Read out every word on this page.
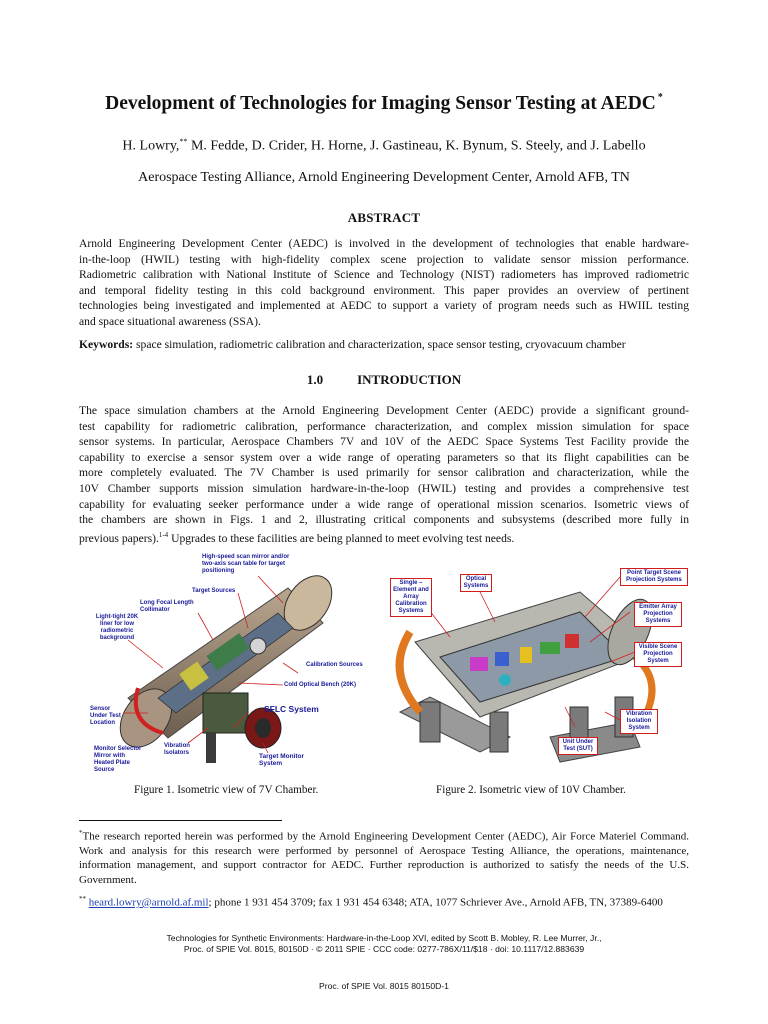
Development of Technologies for Imaging Sensor Testing at AEDC *
H. Lowry,** M. Fedde, D. Crider, H. Horne, J. Gastineau, K. Bynum, S. Steely, and J. Labello
Aerospace Testing Alliance, Arnold Engineering Development Center, Arnold AFB, TN
ABSTRACT
Arnold Engineering Development Center (AEDC) is involved in the development of technologies that enable hardware-
in-the-loop (HWIL) testing with high-fidelity complex scene projection to validate sensor mission performance.
Radiometric calibration with National Institute of Science and Technology (NIST) radiometers has improved radiometric
and temporal fidelity testing in this cold background environment. This paper provides an overview of pertinent
technologies being investigated and implemented at AEDC to support a variety of program needs such as HWIIL testing
and space situational awareness (SSA).
Keywords: space simulation, radiometric calibration and characterization, space sensor testing, cryovacuum chamber
1.0	INTRODUCTION
The space simulation chambers at the Arnold Engineering Development Center (AEDC) provide a significant ground-
test capability for radiometric calibration, performance characterization, and complex mission simulation for space
sensor systems. In particular, Aerospace Chambers 7V and 10V of the AEDC Space Systems Test Facility provide the
capability to exercise a sensor system over a wide range of operating parameters so that its flight capabilities can be
more completely evaluated. The 7V Chamber is used primarily for sensor calibration and characterization, while the
10V Chamber supports mission simulation hardware-in-the-loop (HWIL) testing and provides a comprehensive test
capability for evaluating seeker performance under a wide range of operational mission scenarios. Isometric views of
the chambers are shown in Figs. 1 and 2, illustrating critical components and subsystems (described more fully in
previous papers).$^{1-4}$ Upgrades to these facilities are being planned to meet evolving test needs.
High-speed scan mirror and/or two-axis scan table for target positioning
Target Sources
Long Focal Length Collimator
Light-tight 20K liner for low radiometric background
Calibration Sources
Cold Optical Bench (20K)
Sensor Under Test Location
SFLC System
Monitor Selector Mirror with Heated Plate Source
Vibration Isolators	Target Monitor System
Single – Element and Array Calibration Systems
Optical Systems
Point Target Scene Projection Systems
Emitter Array Projection Systems
Visible Scene Projection System
Vibration Isolation System
Unit Under Test (SUT)
Figure 1. Isometric view of 7V Chamber.	Figure 2. Isometric view of 10V Chamber.
*The research reported herein was performed by the Arnold Engineering Development Center (AEDC), Air Force Materiel Command.
Work and analysis for this research were performed by personnel of Aerospace Testing Alliance, the operations, maintenance,
information management, and support contractor for AEDC. Further reproduction is authorized to satisfy the needs of the U.S.
Government.
** heard.lowry@arnold.af.mil; phone 1 931 454 3709; fax 1 931 454 6348; ATA, 1077 Schriever Ave., Arnold AFB, TN, 37389-6400
Technologies for Synthetic Environments: Hardware-in-the-Loop XVI, edited by Scott B. Mobley, R. Lee Murrer, Jr.,
Proc. of SPIE Vol. 8015, 80150D · © 2011 SPIE · CCC code: 0277-786X/11/$18 · doi: 10.1117/12.883639
Proc. of SPIE Vol. 8015 80150D-1
